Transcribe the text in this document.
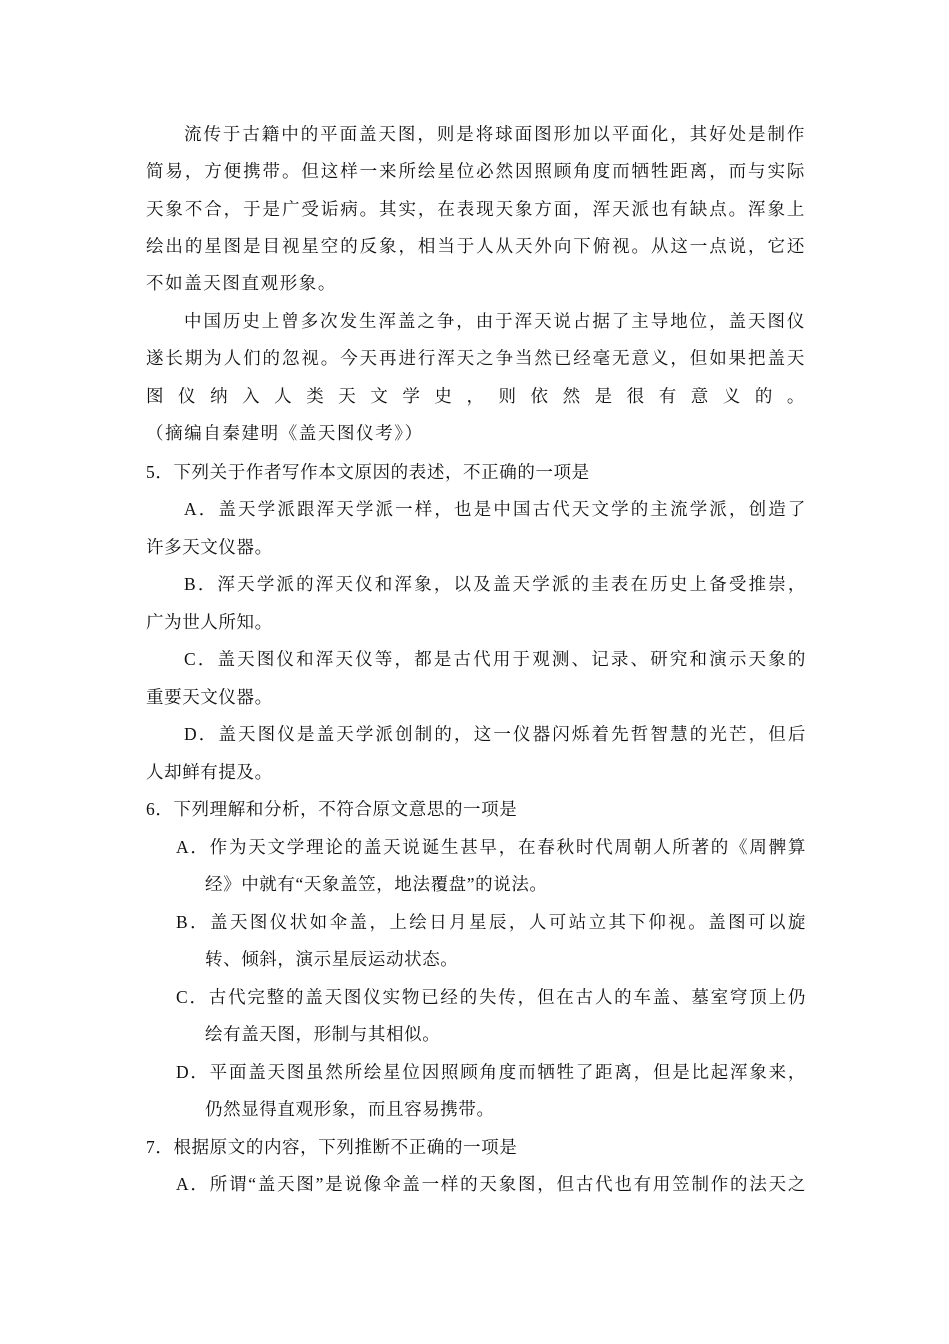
流传于古籍中的平面盖天图，则是将球面图形加以平面化，其好处是制作
简易，方便携带。但这样一来所绘星位必然因照顾角度而牺牲距离，而与实际
天象不合，于是广受诟病。其实，在表现天象方面，浑天派也有缺点。浑象上
绘出的星图是目视星空的反象，相当于人从天外向下俯视。从这一点说，它还
不如盖天图直观形象。
中国历史上曾多次发生浑盖之争，由于浑天说占据了主导地位，盖天图仪
遂长期为人们的忽视。今天再进行浑天之争当然已经毫无意义，但如果把盖天
图仪纳入人类天文学史，则依然是很有意义的。
（摘编自秦建明《盖天图仪考》）
5．下列关于作者写作本文原因的表述，不正确的一项是
A．盖天学派跟浑天学派一样，也是中国古代天文学的主流学派，创造了
许多天文仪器。
B．浑天学派的浑天仪和浑象，以及盖天学派的圭表在历史上备受推崇，
广为世人所知。
C．盖天图仪和浑天仪等，都是古代用于观测、记录、研究和演示天象的
重要天文仪器。
D．盖天图仪是盖天学派创制的，这一仪器闪烁着先哲智慧的光芒，但后
人却鲜有提及。
6．下列理解和分析，不符合原文意思的一项是
A．作为天文学理论的盖天说诞生甚早，在春秋时代周朝人所著的《周髀算
经》中就有“天象盖笠，地法覆盘”的说法。
B．盖天图仪状如伞盖，上绘日月星辰，人可站立其下仰视。盖图可以旋
转、倾斜，演示星辰运动状态。
C．古代完整的盖天图仪实物已经的失传，但在古人的车盖、墓室穹顶上仍
绘有盖天图，形制与其相似。
D．平面盖天图虽然所绘星位因照顾角度而牺牲了距离，但是比起浑象来，
仍然显得直观形象，而且容易携带。
7．根据原文的内容，下列推断不正确的一项是
A．所谓“盖天图”是说像伞盖一样的天象图，但古代也有用笠制作的法天之
